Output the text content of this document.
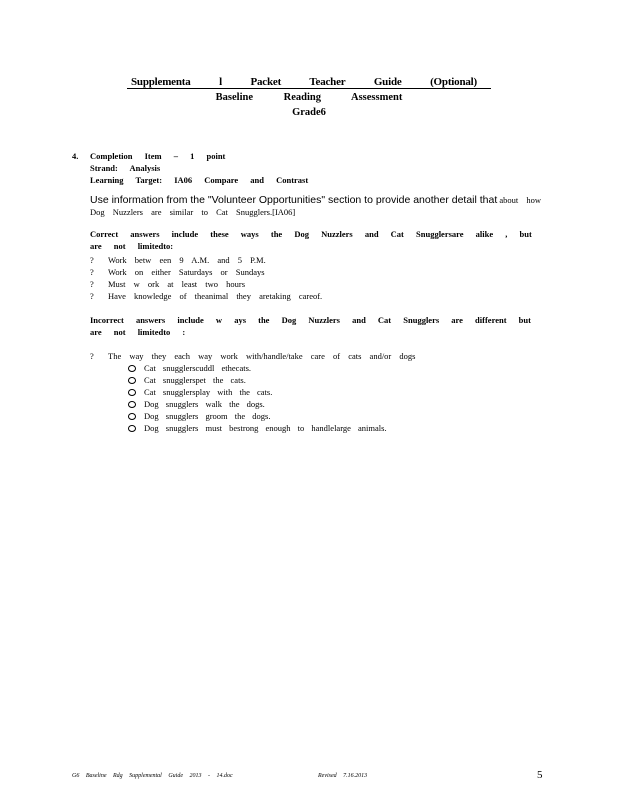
Supplementa l Packet Teacher Guide (Optional)
Baseline Reading Assessment
Grade6
4. Completion Item – 1 point
Strand: Analysis
Learning Target: IA06 Compare and Contrast
Use information from the "Volunteer Opportunities" section to provide another detail that about how Dog Nuzzlers are similar to Cat Snugglers.[IA06]
Correct answers include these ways the Dog Nuzzlers and Cat Snugglersare alike , but are not limitedto:
? Work betw een 9 A.M. and 5 P.M.
? Work on either Saturdays or Sundays
? Must w ork at least two hours
? Have knowledge of theanimal they aretaking careof.
Incorrect answers include w ays the Dog Nuzzlers and Cat Snugglers are different but are not limitedto :
? The way they each way work with/handle/take care of cats and/or dogs
Cat snugglerscuddl ethecats.
Cat snugglerspet the cats.
Cat snugglersplay with the cats.
Dog snugglers walk the dogs.
Dog snugglers groom the dogs.
Dog snugglers must bestrong enough to handlelarge animals.
G6 Baseline Rdg Supplemental Guide 2013 - 14.doc	Revised 7.16.2013	5
